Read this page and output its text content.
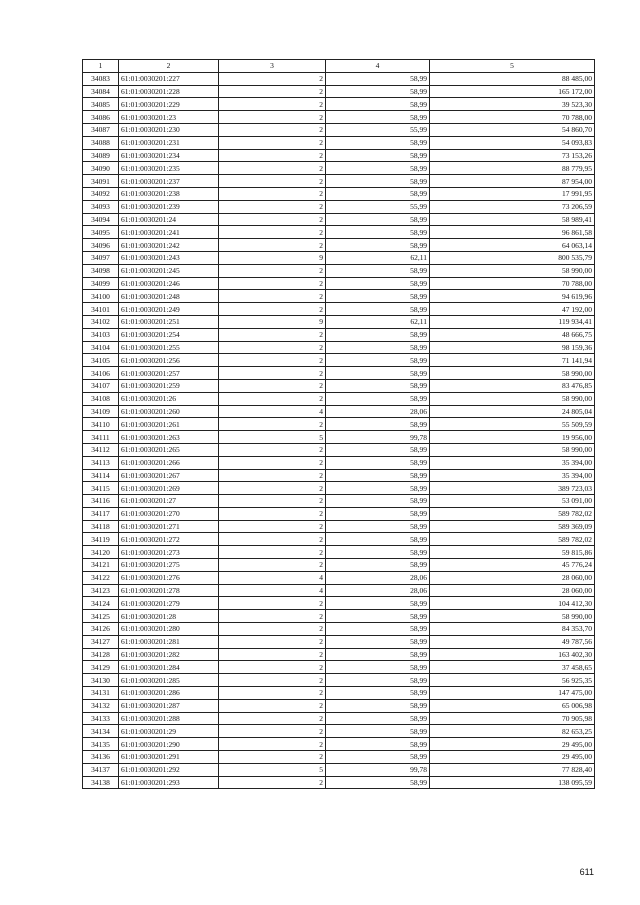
1	2	3	4	5
34083	61:01:0030201:227	2	58,99	88 485,00
34084	61:01:0030201:228	2	58,99	165 172,00
34085	61:01:0030201:229	2	58,99	39 523,30
34086	61:01:0030201:23	2	58,99	70 788,00
34087	61:01:0030201:230	2	55,99	54 860,70
34088	61:01:0030201:231	2	58,99	54 093,83
34089	61:01:0030201:234	2	58,99	73 153,26
34090	61:01:0030201:235	2	58,99	88 779,95
34091	61:01:0030201:237	2	58,99	87 954,00
34092	61:01:0030201:238	2	58,99	17 991,95
34093	61:01:0030201:239	2	55,99	73 206,59
34094	61:01:0030201:24	2	58,99	58 989,41
34095	61:01:0030201:241	2	58,99	96 861,58
34096	61:01:0030201:242	2	58,99	64 063,14
34097	61:01:0030201:243	9	62,11	800 535,79
34098	61:01:0030201:245	2	58,99	58 990,00
34099	61:01:0030201:246	2	58,99	70 788,00
34100	61:01:0030201:248	2	58,99	94 619,96
34101	61:01:0030201:249	2	58,99	47 192,00
34102	61:01:0030201:251	9	62,11	119 934,41
34103	61:01:0030201:254	2	58,99	48 666,75
34104	61:01:0030201:255	2	58,99	98 159,36
34105	61:01:0030201:256	2	58,99	71 141,94
34106	61:01:0030201:257	2	58,99	58 990,00
34107	61:01:0030201:259	2	58,99	83 476,85
34108	61:01:0030201:26	2	58,99	58 990,00
34109	61:01:0030201:260	4	28,06	24 805,04
34110	61:01:0030201:261	2	58,99	55 509,59
34111	61:01:0030201:263	5	99,78	19 956,00
34112	61:01:0030201:265	2	58,99	58 990,00
34113	61:01:0030201:266	2	58,99	35 394,00
34114	61:01:0030201:267	2	58,99	35 394,00
34115	61:01:0030201:269	2	58,99	389 723,03
34116	61:01:0030201:27	2	58,99	53 091,00
34117	61:01:0030201:270	2	58,99	589 782,02
34118	61:01:0030201:271	2	58,99	589 369,09
34119	61:01:0030201:272	2	58,99	589 782,02
34120	61:01:0030201:273	2	58,99	59 815,86
34121	61:01:0030201:275	2	58,99	45 776,24
34122	61:01:0030201:276	4	28,06	28 060,00
34123	61:01:0030201:278	4	28,06	28 060,00
34124	61:01:0030201:279	2	58,99	104 412,30
34125	61:01:0030201:28	2	58,99	58 990,00
34126	61:01:0030201:280	2	58,99	84 353,70
34127	61:01:0030201:281	2	58,99	49 787,56
34128	61:01:0030201:282	2	58,99	163 402,30
34129	61:01:0030201:284	2	58,99	37 458,65
34130	61:01:0030201:285	2	58,99	56 925,35
34131	61:01:0030201:286	2	58,99	147 475,00
34132	61:01:0030201:287	2	58,99	65 006,98
34133	61:01:0030201:288	2	58,99	70 905,98
34134	61:01:0030201:29	2	58,99	82 653,25
34135	61:01:0030201:290	2	58,99	29 495,00
34136	61:01:0030201:291	2	58,99	29 495,00
34137	61:01:0030201:292	5	99,78	77 828,40
34138	61:01:0030201:293	2	58,99	138 095,59
611
